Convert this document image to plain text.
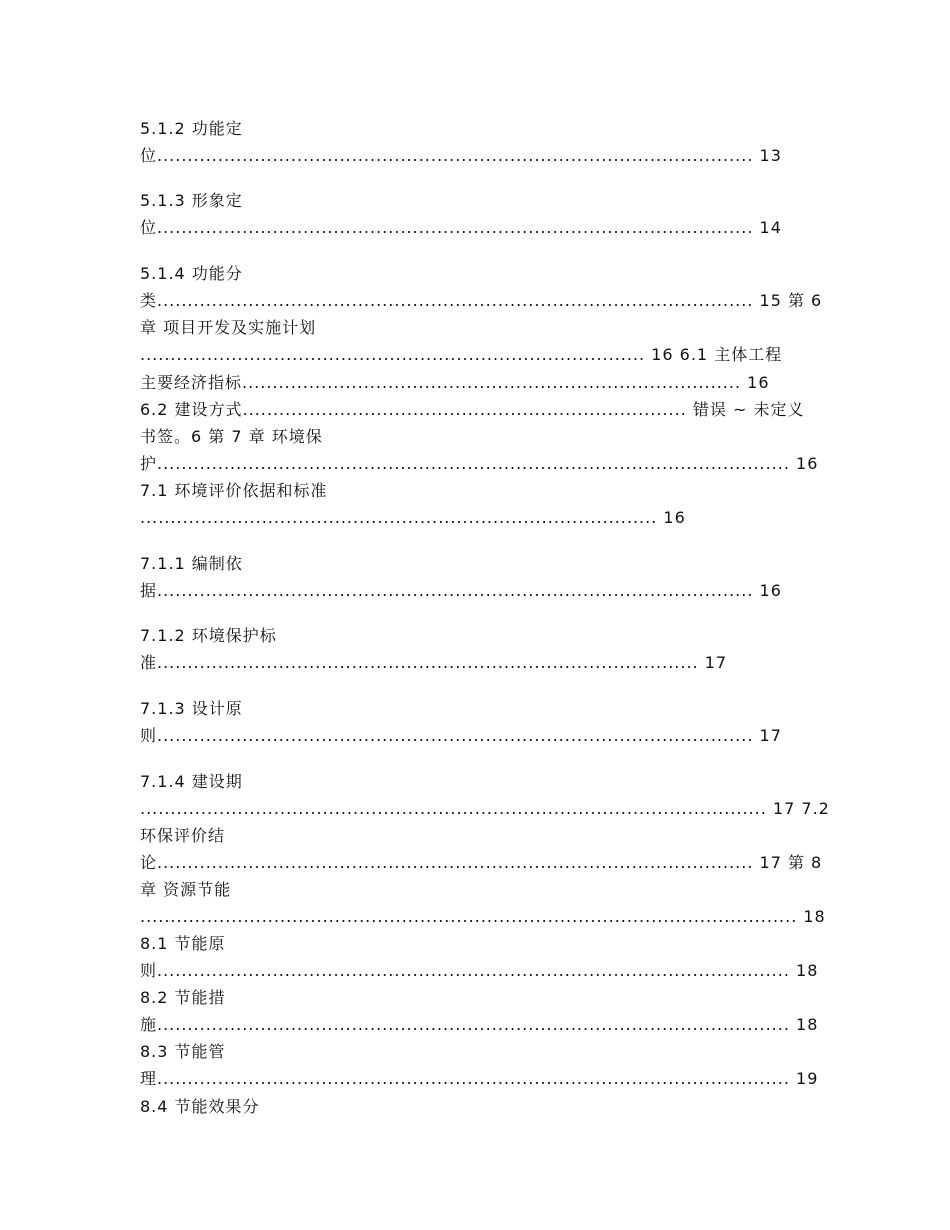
5.1.2 功能定
位.................................................................................................. 13
5.1.3 形象定
位.................................................................................................. 14
5.1.4 功能分
类.................................................................................................. 15 第 6
章 项目开发及实施计划
................................................................................... 16 6.1 主体工程
主要经济指标.................................................................................. 16
6.2 建设方式......................................................................... 错误 ~ 未定义
书签。6 第 7 章 环境保
护........................................................................................................ 16
7.1 环境评价依据和标准
..................................................................................... 16
7.1.1 编制依
据.................................................................................................. 16
7.1.2 环境保护标
准......................................................................................... 17
7.1.3 设计原
则.................................................................................................. 17
7.1.4 建设期
....................................................................................................... 17 7.2
环保评价结
论.................................................................................................. 17 第 8
章 资源节能
............................................................................................................ 18
8.1 节能原
则........................................................................................................ 18
8.2 节能措
施........................................................................................................ 18
8.3 节能管
理........................................................................................................ 19
8.4 节能效果分
